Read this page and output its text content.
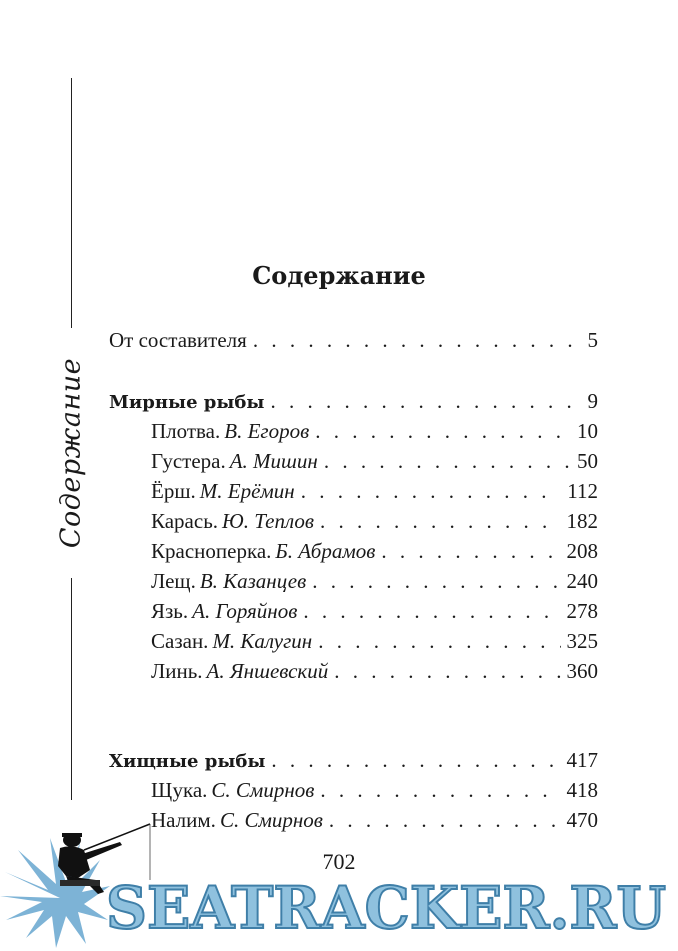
Содержание
Содержание
От составителя . . .	5
Мирные рыбы . . .	9
Плотва. В. Егоров . . .	10
Густера. А. Мишин . . .	50
Ёрш. М. Ерёмин . . .	112
Карась. Ю. Теплов . . .	182
Красноперка. Б. Абрамов . . .	208
Лещ. В. Казанцев . . .	240
Язь. А. Горяйнов . . .	278
Сазан. М. Калугин . . .	325
Линь. А. Яншевский . . .	360
Хищные рыбы . . .	417
Щука. С. Смирнов . . .	418
Налим. С. Смирнов . . .	470
SEATRACKER.RU
702
